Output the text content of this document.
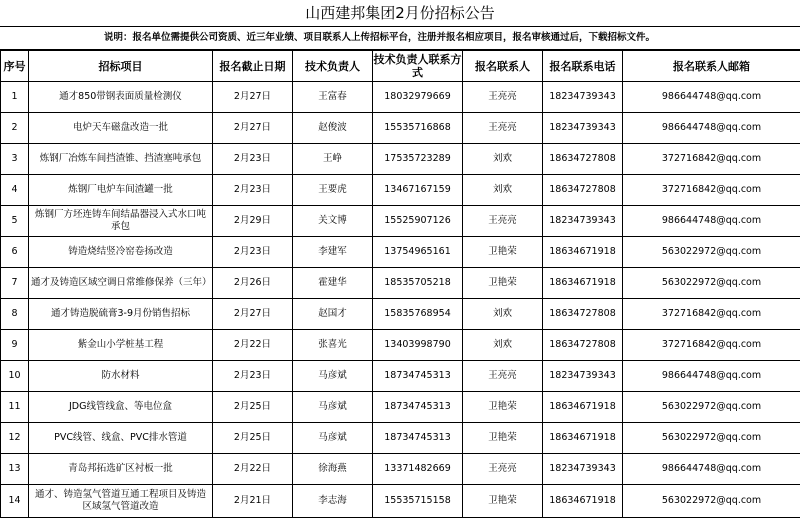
山西建邦集团2月份招标公告
说明：报名单位需提供公司资质、近三年业绩、项目联系人上传招标平台，注册并报名相应项目，报名审核通过后，下载招标文件。
序号	招标项目	报名截止日期	技术负责人	技术负责人联系方式	报名联系人	报名联系电话	报名联系人邮箱
1	通才850带钢表面质量检测仪	2月27日	王富春	18032979669	王亮亮	18234739343	986644748@qq.com
2	电炉天车磁盘改造一批	2月27日	赵俊波	15535716868	王亮亮	18234739343	986644748@qq.com
3	炼钢厂冶炼车间挡渣锥、挡渣塞吨承包	2月23日	王峥	17535723289	刘欢	18634727808	372716842@qq.com
4	炼钢厂电炉车间渣罐一批	2月23日	王要虎	13467167159	刘欢	18634727808	372716842@qq.com
5	炼钢厂方坯连铸车间结晶器浸入式水口吨承包	2月29日	关文博	15525907126	王亮亮	18234739343	986644748@qq.com
6	铸造烧结竖冷窑卷扬改造	2月23日	李建军	13754965161	卫艳荣	18634671918	563022972@qq.com
7	通才及铸造区域空调日常维修保养（三年）	2月26日	霍建华	18535705218	卫艳荣	18634671918	563022972@qq.com
8	通才铸造脱硫膏3-9月份销售招标	2月27日	赵国才	15835768954	刘欢	18634727808	372716842@qq.com
9	紫金山小学桩基工程	2月22日	张喜光	13403998790	刘欢	18634727808	372716842@qq.com
10	防水材料	2月23日	马彦斌	18734745313	王亮亮	18234739343	986644748@qq.com
11	JDG线管线盒、等电位盒	2月25日	马彦斌	18734745313	卫艳荣	18634671918	563022972@qq.com
12	PVC线管、线盒、PVC排水管道	2月25日	马彦斌	18734745313	卫艳荣	18634671918	563022972@qq.com
13	青岛邦拓选矿区衬板一批	2月22日	徐海燕	13371482669	王亮亮	18234739343	986644748@qq.com
14	通才、铸造氢气管道互通工程项目及铸造区域氢气管道改造	2月21日	李志海	15535715158	卫艳荣	18634671918	563022972@qq.com
